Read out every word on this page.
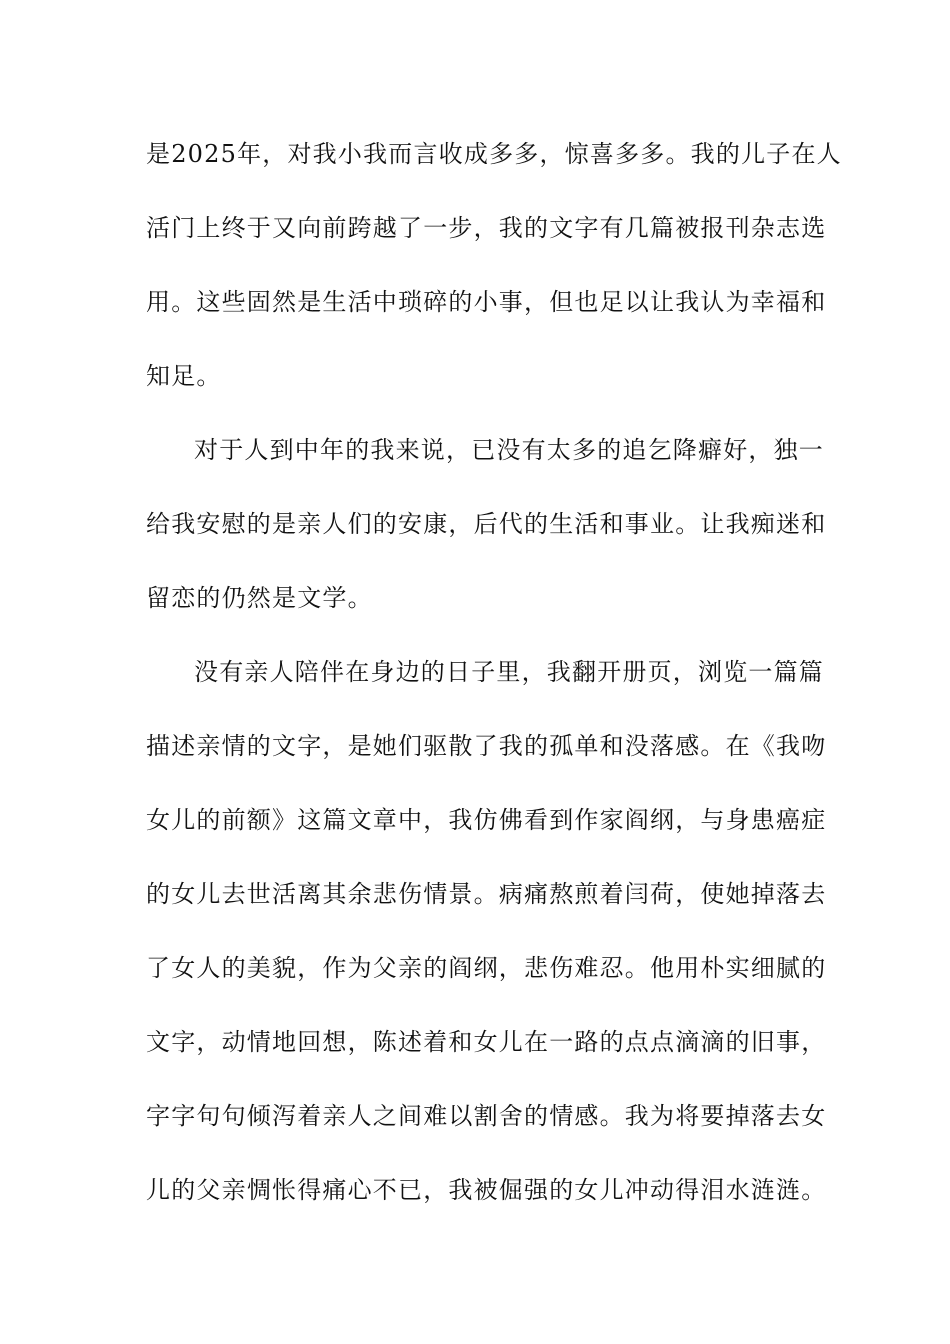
是2025年，对我小我而言收成多多，惊喜多多。我的儿子在人
活门上终于又向前跨越了一步，我的文字有几篇被报刊杂志选
用。这些固然是生活中琐碎的小事，但也足以让我认为幸福和
知足。
对于人到中年的我来说，已没有太多的追乞降癖好，独一
给我安慰的是亲人们的安康，后代的生活和事业。让我痴迷和
留恋的仍然是文学。
没有亲人陪伴在身边的日子里，我翻开册页，浏览一篇篇
描述亲情的文字，是她们驱散了我的孤单和没落感。在《我吻
女儿的前额》这篇文章中，我仿佛看到作家阎纲，与身患癌症
的女儿去世活离其余悲伤情景。病痛熬煎着闫荷，使她掉落去
了女人的美貌，作为父亲的阎纲，悲伤难忍。他用朴实细腻的
文字，动情地回想，陈述着和女儿在一路的点点滴滴的旧事，
字字句句倾泻着亲人之间难以割舍的情感。我为将要掉落去女
儿的父亲惆怅得痛心不已，我被倔强的女儿冲动得泪水涟涟。
